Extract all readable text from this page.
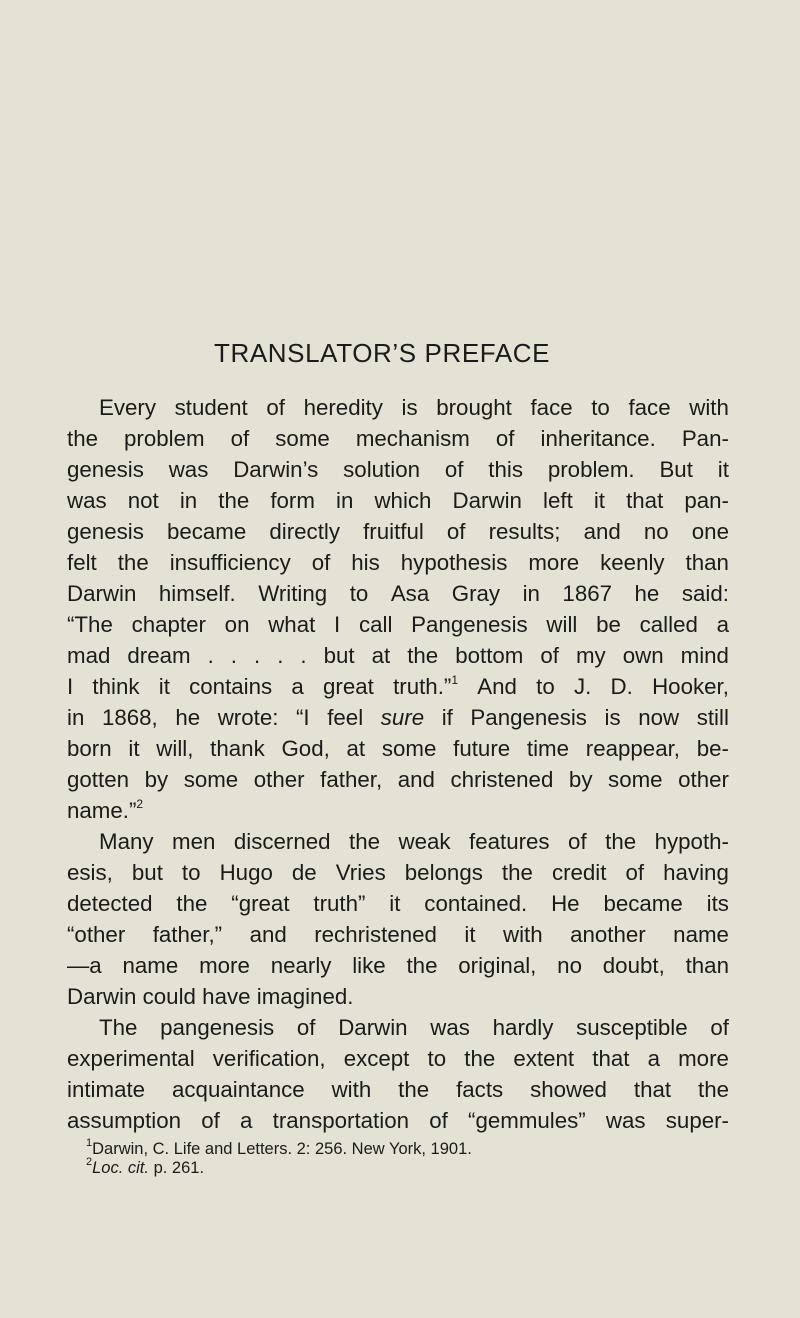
TRANSLATOR’S PREFACE
Every student of heredity is brought face to face with
the problem of some mechanism of inheritance. Pan-
genesis was Darwin’s solution of this problem. But it
was not in the form in which Darwin left it that pan-
genesis became directly fruitful of results; and no one
felt the insufficiency of his hypothesis more keenly than
Darwin himself. Writing to Asa Gray in 1867 he said:
“The chapter on what I call Pangenesis will be called a
mad dream . . . . . but at the bottom of my own mind
I think it contains a great truth.”$^1$ And to J. D. Hooker,
in 1868, he wrote: “I feel sure if Pangenesis is now still
born it will, thank God, at some future time reappear, be-
gotten by some other father, and christened by some other
name.”$^2$
Many men discerned the weak features of the hypoth-
esis, but to Hugo de Vries belongs the credit of having
detected the “great truth” it contained. He became its
“other father,” and rechristened it with another name
—a name more nearly like the original, no doubt, than
Darwin could have imagined.
The pangenesis of Darwin was hardly susceptible of
experimental verification, except to the extent that a more
intimate acquaintance with the facts showed that the
assumption of a transportation of “gemmules” was super-
$^1$Darwin, C. Life and Letters. 2: 256. New York, 1901.
$^2$Loc. cit. p. 261.
